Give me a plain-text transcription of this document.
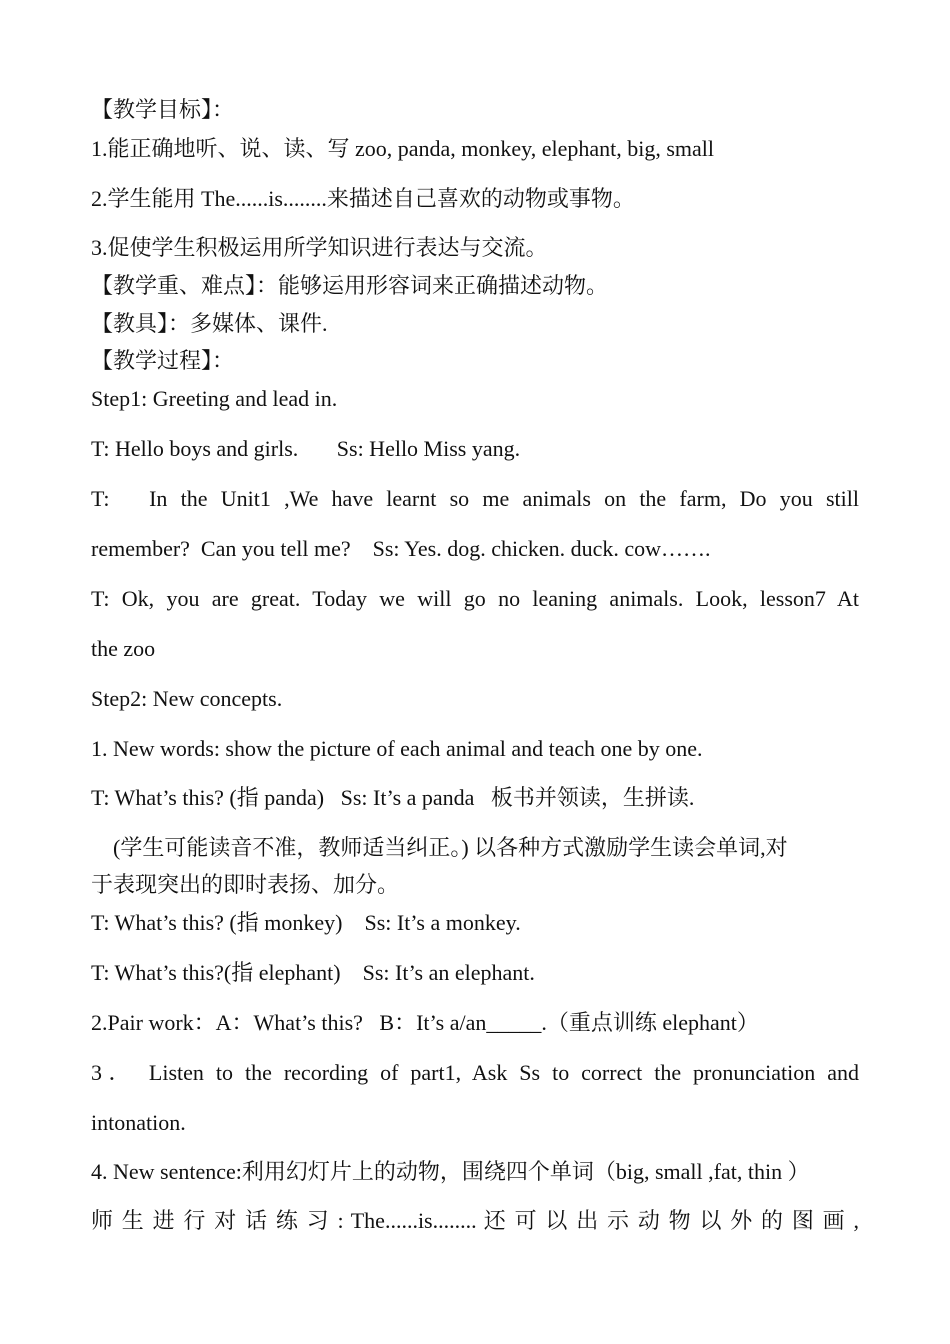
【教学目标】：
1.能正确地听、说、读、写 zoo, panda, monkey, elephant, big, small
2.学生能用 The......is........来描述自己喜欢的动物或事物。
3.促使学生积极运用所学知识进行表达与交流。
【教学重、难点】：能够运用形容词来正确描述动物。
【教具】：多媒体、课件.
【教学过程】：
Step1: Greeting and lead in.
T: Hello boys and girls.       Ss: Hello Miss yang.
T:   In the Unit1 ,We have learnt so me animals on the farm, Do you still
remember?  Can you tell me?    Ss: Yes. dog. chicken. duck. cow…….
T: Ok, you are great. Today we will go no leaning animals. Look, lesson7 At
the zoo
Step2: New concepts.
1. New words: show the picture of each animal and teach one by one.
T: What’s this? (指 panda)   Ss: It’s a panda   板书并领读，生拼读.
(学生可能读音不准，教师适当纠正。) 以各种方式激励学生读会单词,对
于表现突出的即时表扬、加分。
T: What’s this? (指 monkey)    Ss: It’s a monkey.
T: What’s this?(指 elephant)    Ss: It’s an elephant.
2.Pair work：A：What’s this?   B：It’s a/an_____.（重点训练 elephant）
3． Listen to the recording of part1, Ask Ss to correct the pronunciation and
intonation.
4. New sentence:利用幻灯片上的动物，围绕四个单词（big, small ,fat, thin ）
师 生 进 行 对 话 练 习 : The......is........ 还 可 以 出 示 动 物 以 外 的 图 画 ,
